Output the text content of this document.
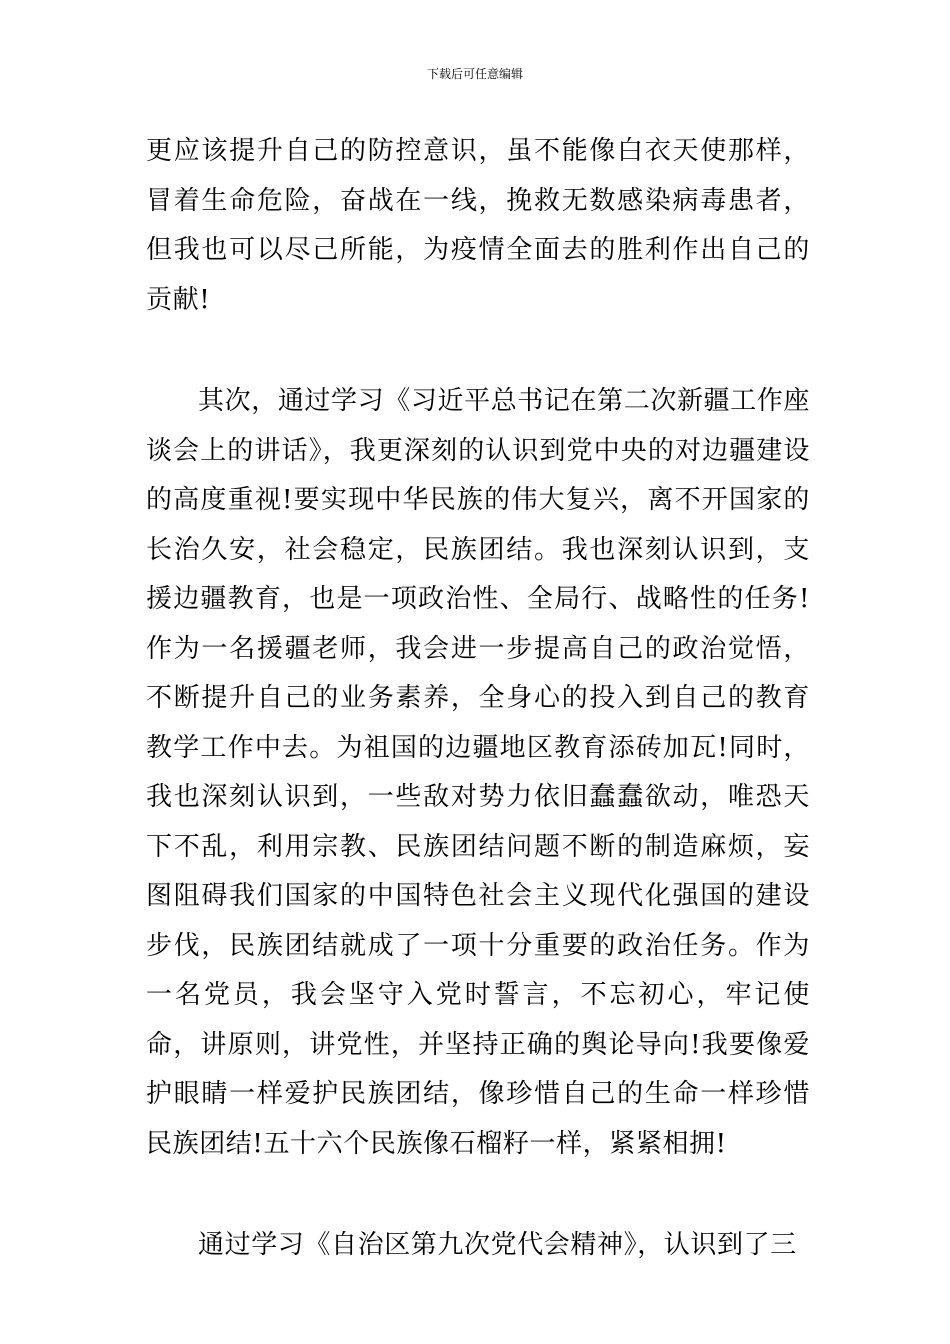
下载后可任意编辑

更应该提升自己的防控意识，虽不能像白衣天使那样，冒着生命危险，奋战在一线，挽救无数感染病毒患者，但我也可以尽己所能，为疫情全面去的胜利作出自己的贡献!

其次，通过学习《习近平总书记在第二次新疆工作座谈会上的讲话》，我更深刻的认识到党中央的对边疆建设的高度重视!要实现中华民族的伟大复兴，离不开国家的长治久安，社会稳定，民族团结。我也深刻认识到，支援边疆教育，也是一项政治性、全局行、战略性的任务!作为一名援疆老师，我会进一步提高自己的政治觉悟，不断提升自己的业务素养，全身心的投入到自己的教育教学工作中去。为祖国的边疆地区教育添砖加瓦!同时，我也深刻认识到，一些敌对势力依旧蠢蠢欲动，唯恐天下不乱，利用宗教、民族团结问题不断的制造麻烦，妄图阻碍我们国家的中国特色社会主义现代化强国的建设步伐，民族团结就成了一项十分重要的政治任务。作为一名党员，我会坚守入党时誓言，不忘初心，牢记使命，讲原则，讲党性，并坚持正确的舆论导向!我要像爱护眼睛一样爱护民族团结，像珍惜自己的生命一样珍惜民族团结!五十六个民族像石榴籽一样，紧紧相拥!

通过学习《自治区第九次党代会精神》，认识到了三
